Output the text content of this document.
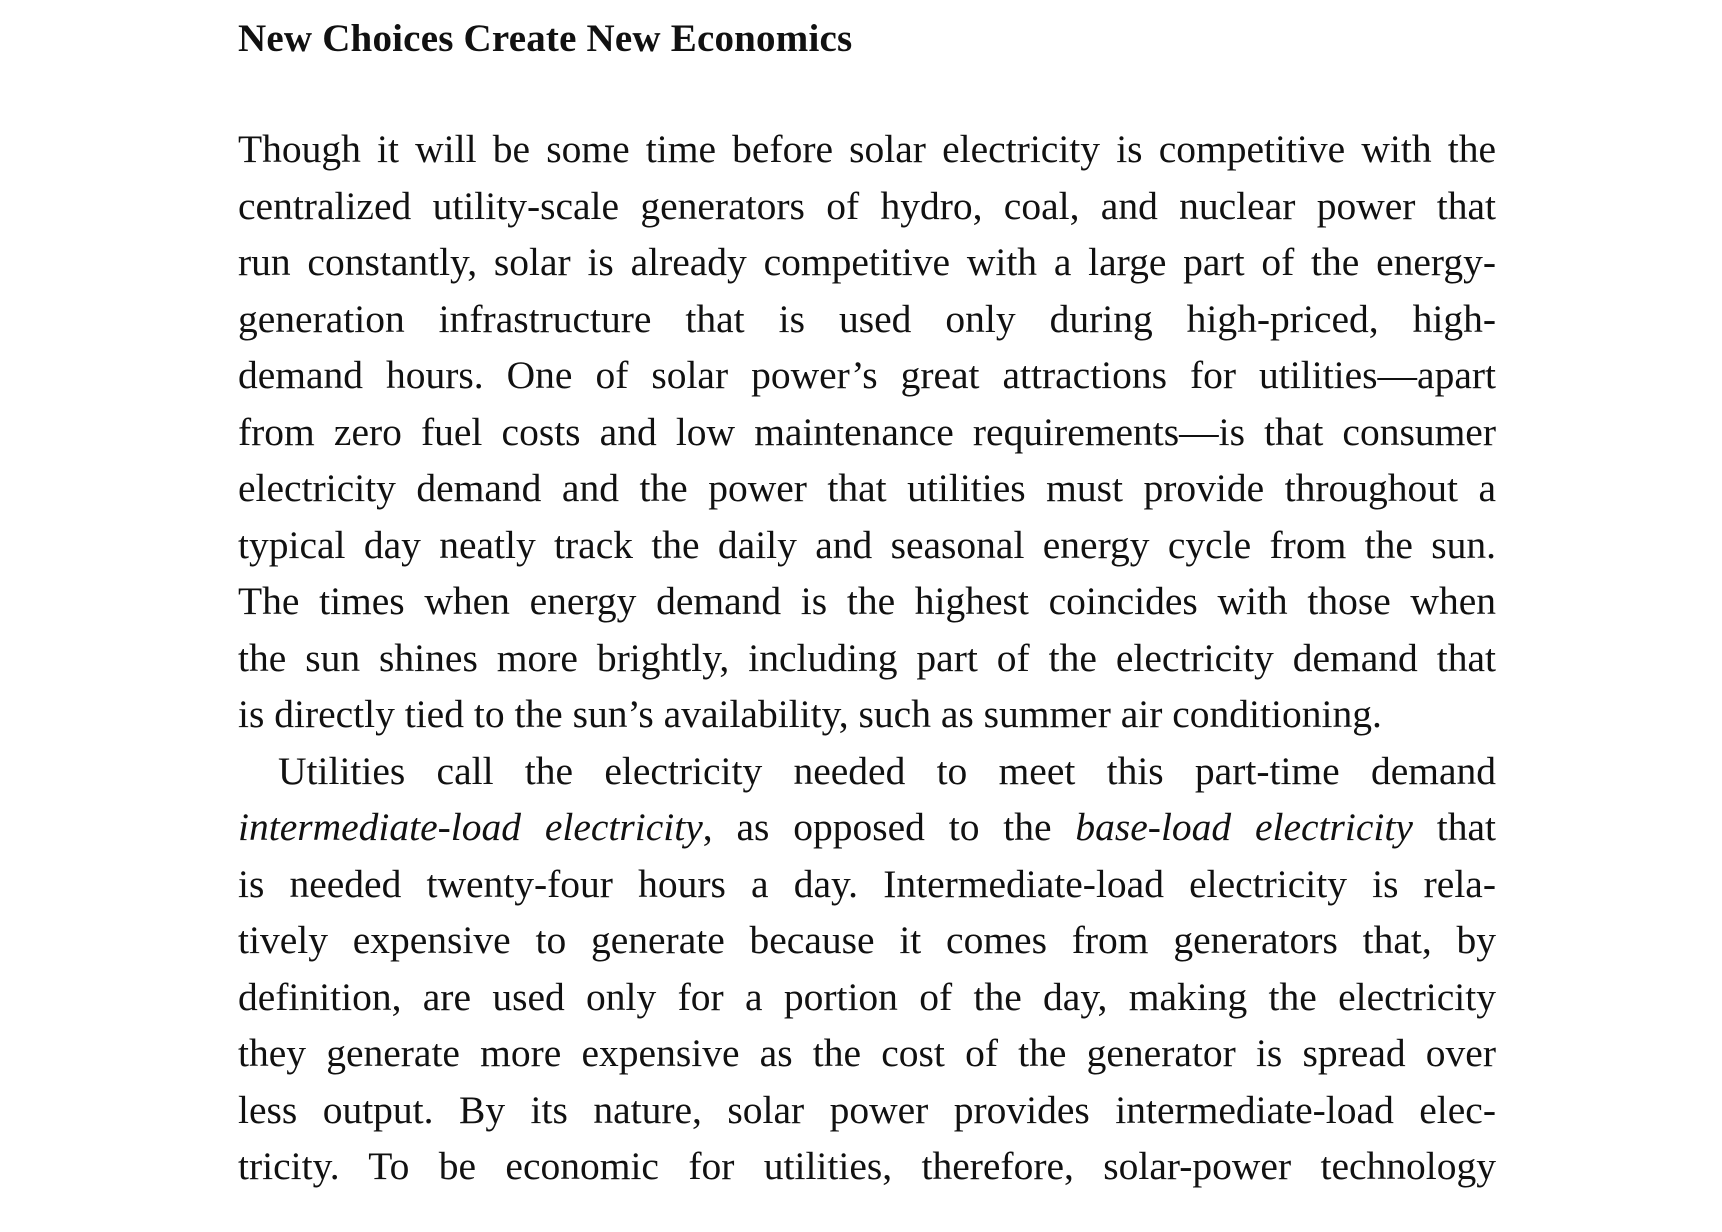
New Choices Create New Economics

Though it will be some time before solar electricity is competitive with the
centralized utility-scale generators of hydro, coal, and nuclear power that
run constantly, solar is already competitive with a large part of the energy-
generation infrastructure that is used only during high-priced, high-
demand hours. One of solar power’s great attractions for utilities—apart
from zero fuel costs and low maintenance requirements—is that consumer
electricity demand and the power that utilities must provide throughout a
typical day neatly track the daily and seasonal energy cycle from the sun.
The times when energy demand is the highest coincides with those when
the sun shines more brightly, including part of the electricity demand that
is directly tied to the sun’s availability, such as summer air conditioning.

Utilities call the electricity needed to meet this part-time demand
intermediate-load electricity, as opposed to the base-load electricity that
is needed twenty-four hours a day. Intermediate-load electricity is rela-
tively expensive to generate because it comes from generators that, by
definition, are used only for a portion of the day, making the electricity
they generate more expensive as the cost of the generator is spread over
less output. By its nature, solar power provides intermediate-load elec-
tricity. To be economic for utilities, therefore, solar-power technology
